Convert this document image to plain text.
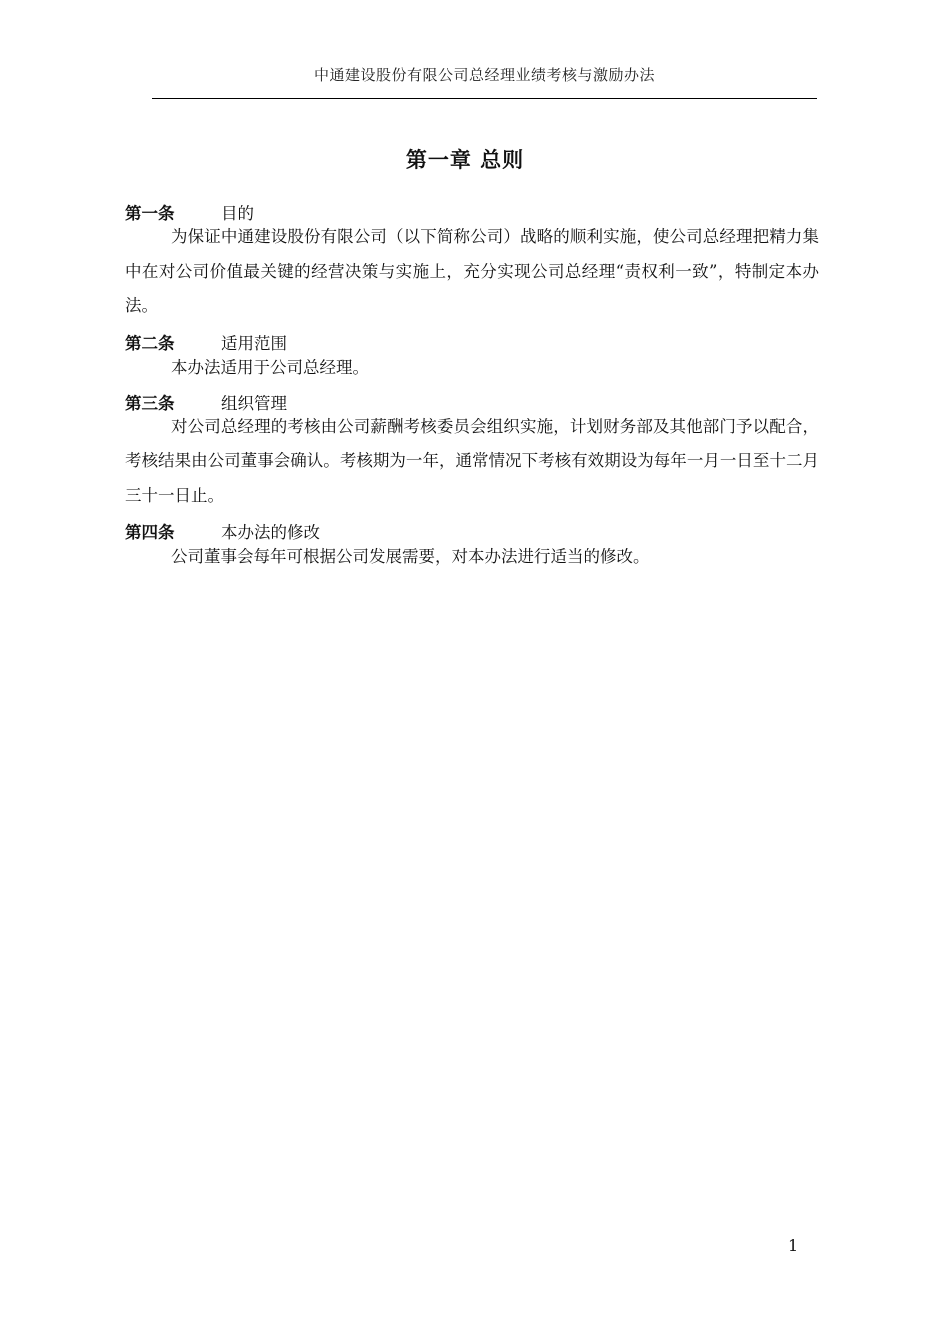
中通建设股份有限公司总经理业绩考核与激励办法
第一章 总则
第一条	目的
为保证中通建设股份有限公司（以下简称公司）战略的顺利实施，使公司总经理把精力集中在对公司价值最关键的经营决策与实施上，充分实现公司总经理“责权利一致”，特制定本办法。
第二条	适用范围
本办法适用于公司总经理。
第三条	组织管理
对公司总经理的考核由公司薪酬考核委员会组织实施，计划财务部及其他部门予以配合，考核结果由公司董事会确认。考核期为一年，通常情况下考核有效期设为每年一月一日至十二月三十一日止。
第四条	本办法的修改
公司董事会每年可根据公司发展需要，对本办法进行适当的修改。
1
